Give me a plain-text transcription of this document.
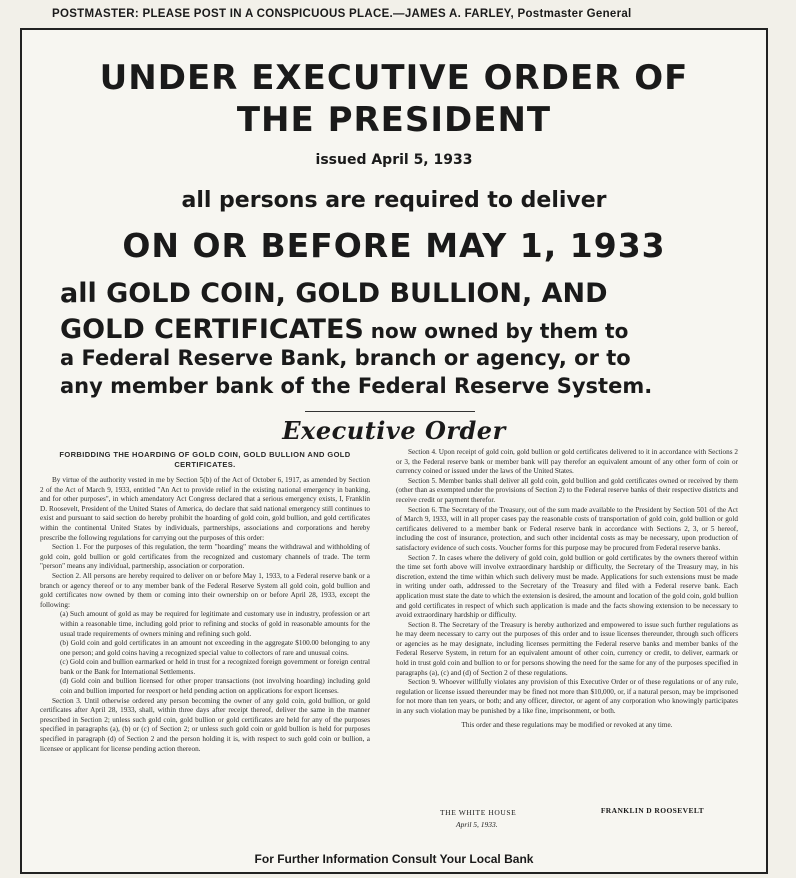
POSTMASTER: PLEASE POST IN A CONSPICUOUS PLACE.—JAMES A. FARLEY, Postmaster General
UNDER EXECUTIVE ORDER OF
THE PRESIDENT
issued April 5, 1933
all persons are required to deliver
ON OR BEFORE MAY 1, 1933
all GOLD COIN, GOLD BULLION, AND
GOLD CERTIFICATES now owned by them to
a Federal Reserve Bank, branch or agency, or to
any member bank of the Federal Reserve System.
Executive Order
FORBIDDING THE HOARDING OF GOLD COIN, GOLD BULLION AND GOLD CERTIFICATES.

By virtue of the authority vested in me by Section 5(b) of the Act of October 6, 1917, as amended by Section 2 of the Act of March 9, 1933, entitled "An Act to provide relief in the existing national emergency in banking, and for other purposes", in which amendatory Act Congress declared that a serious emergency exists, I, Franklin D. Roosevelt, President of the United States of America, do declare that said national emergency still continues to exist and pursuant to said section do hereby prohibit the hoarding of gold coin, gold bullion, and gold certificates within the continental United States by individuals, partnerships, associations and corporations and hereby prescribe the following regulations for carrying out the purposes of this order:

Section 1. For the purposes of this regulation, the term "hoarding" means the withdrawal and withholding of gold coin, gold bullion or gold certificates from the recognized and customary channels of trade. The term "person" means any individual, partnership, association or corporation.

Section 2. All persons are hereby required to deliver on or before May 1, 1933, to a Federal reserve bank or a branch or agency thereof or to any member bank of the Federal Reserve System all gold coin, gold bullion and gold certificates now owned by them or coming into their ownership on or before April 28, 1933, except the following:

(a) Such amount of gold as may be required for legitimate and customary use in industry, profession or art within a reasonable time, including gold prior to refining and stocks of gold in reasonable amounts for the usual trade requirements of owners mining and refining such gold.

(b) Gold coin and gold certificates in an amount not exceeding in the aggregate $100.00 belonging to any one person; and gold coins having a recognized special value to collectors of rare and unusual coins.

(c) Gold coin and bullion earmarked or held in trust for a recognized foreign government or foreign central bank or the Bank for International Settlements.

(d) Gold coin and bullion licensed for other proper transactions (not involving hoarding) including gold coin and bullion imported for reexport or held pending action on applications for export licenses.

Section 3. Until otherwise ordered any person becoming the owner of any gold coin, gold bullion, or gold certificates after April 28, 1933, shall, within three days after receipt thereof, deliver the same in the manner prescribed in Section 2; unless such gold coin, gold bullion or gold certificates are held for any of the purposes specified in paragraphs (a), (b) or (c) of Section 2; or unless such gold coin or gold bullion is held for purposes specified in paragraph (d) of Section 2 and the person holding it is, with respect to such gold coin or bullion, a licensee or applicant for license pending action thereon.

Section 4. Upon receipt of gold coin, gold bullion or gold certificates delivered to it in accordance with Sections 2 or 3, the Federal reserve bank or member bank will pay therefor an equivalent amount of any other form of coin or currency coined or issued under the laws of the United States.

Section 5. Member banks shall deliver all gold coin, gold bullion and gold certificates owned or received by them (other than as exempted under the provisions of Section 2) to the Federal reserve banks of their respective districts and receive credit or payment therefor.

Section 6. The Secretary of the Treasury, out of the sum made available to the President by Section 501 of the Act of March 9, 1933, will in all proper cases pay the reasonable costs of transportation of gold coin, gold bullion or gold certificates delivered to a member bank or Federal reserve bank in accordance with Sections 2, 3, or 5 hereof, including the cost of insurance, protection, and such other incidental costs as may be necessary, upon production of satisfactory evidence of such costs. Voucher forms for this purpose may be procured from Federal reserve banks.

Section 7. In cases where the delivery of gold coin, gold bullion or gold certificates by the owners thereof within the time set forth above will involve extraordinary hardship or difficulty, the Secretary of the Treasury may, in his discretion, extend the time within which such delivery must be made. Applications for such extensions must be made in writing under oath, addressed to the Secretary of the Treasury and filed with a Federal reserve bank. Each application must state the date to which the extension is desired, the amount and location of the gold coin, gold bullion and gold certificates in respect of which such application is made and the facts showing extension to be necessary to avoid extraordinary hardship or difficulty.

Section 8. The Secretary of the Treasury is hereby authorized and empowered to issue such further regulations as he may deem necessary to carry out the purposes of this order and to issue licenses thereunder, through such officers or agencies as he may designate, including licenses permitting the Federal reserve banks and member banks of the Federal Reserve System, in return for an equivalent amount of other coin, currency or credit, to deliver, earmark or hold in trust gold coin and bullion to or for persons showing the need for the same for any of the purposes specified in paragraphs (a), (c) and (d) of Section 2 of these regulations.

Section 9. Whoever willfully violates any provision of this Executive Order or of these regulations or of any rule, regulation or license issued thereunder may be fined not more than $10,000, or, if a natural person, may be imprisoned for not more than ten years, or both; and any officer, director, or agent of any corporation who knowingly participates in any such violation may be punished by a like fine, imprisonment, or both.

This order and these regulations may be modified or revoked at any time.

THE WHITE HOUSE
April 5, 1933.
FRANKLIN D ROOSEVELT
For Further Information Consult Your Local Bank
